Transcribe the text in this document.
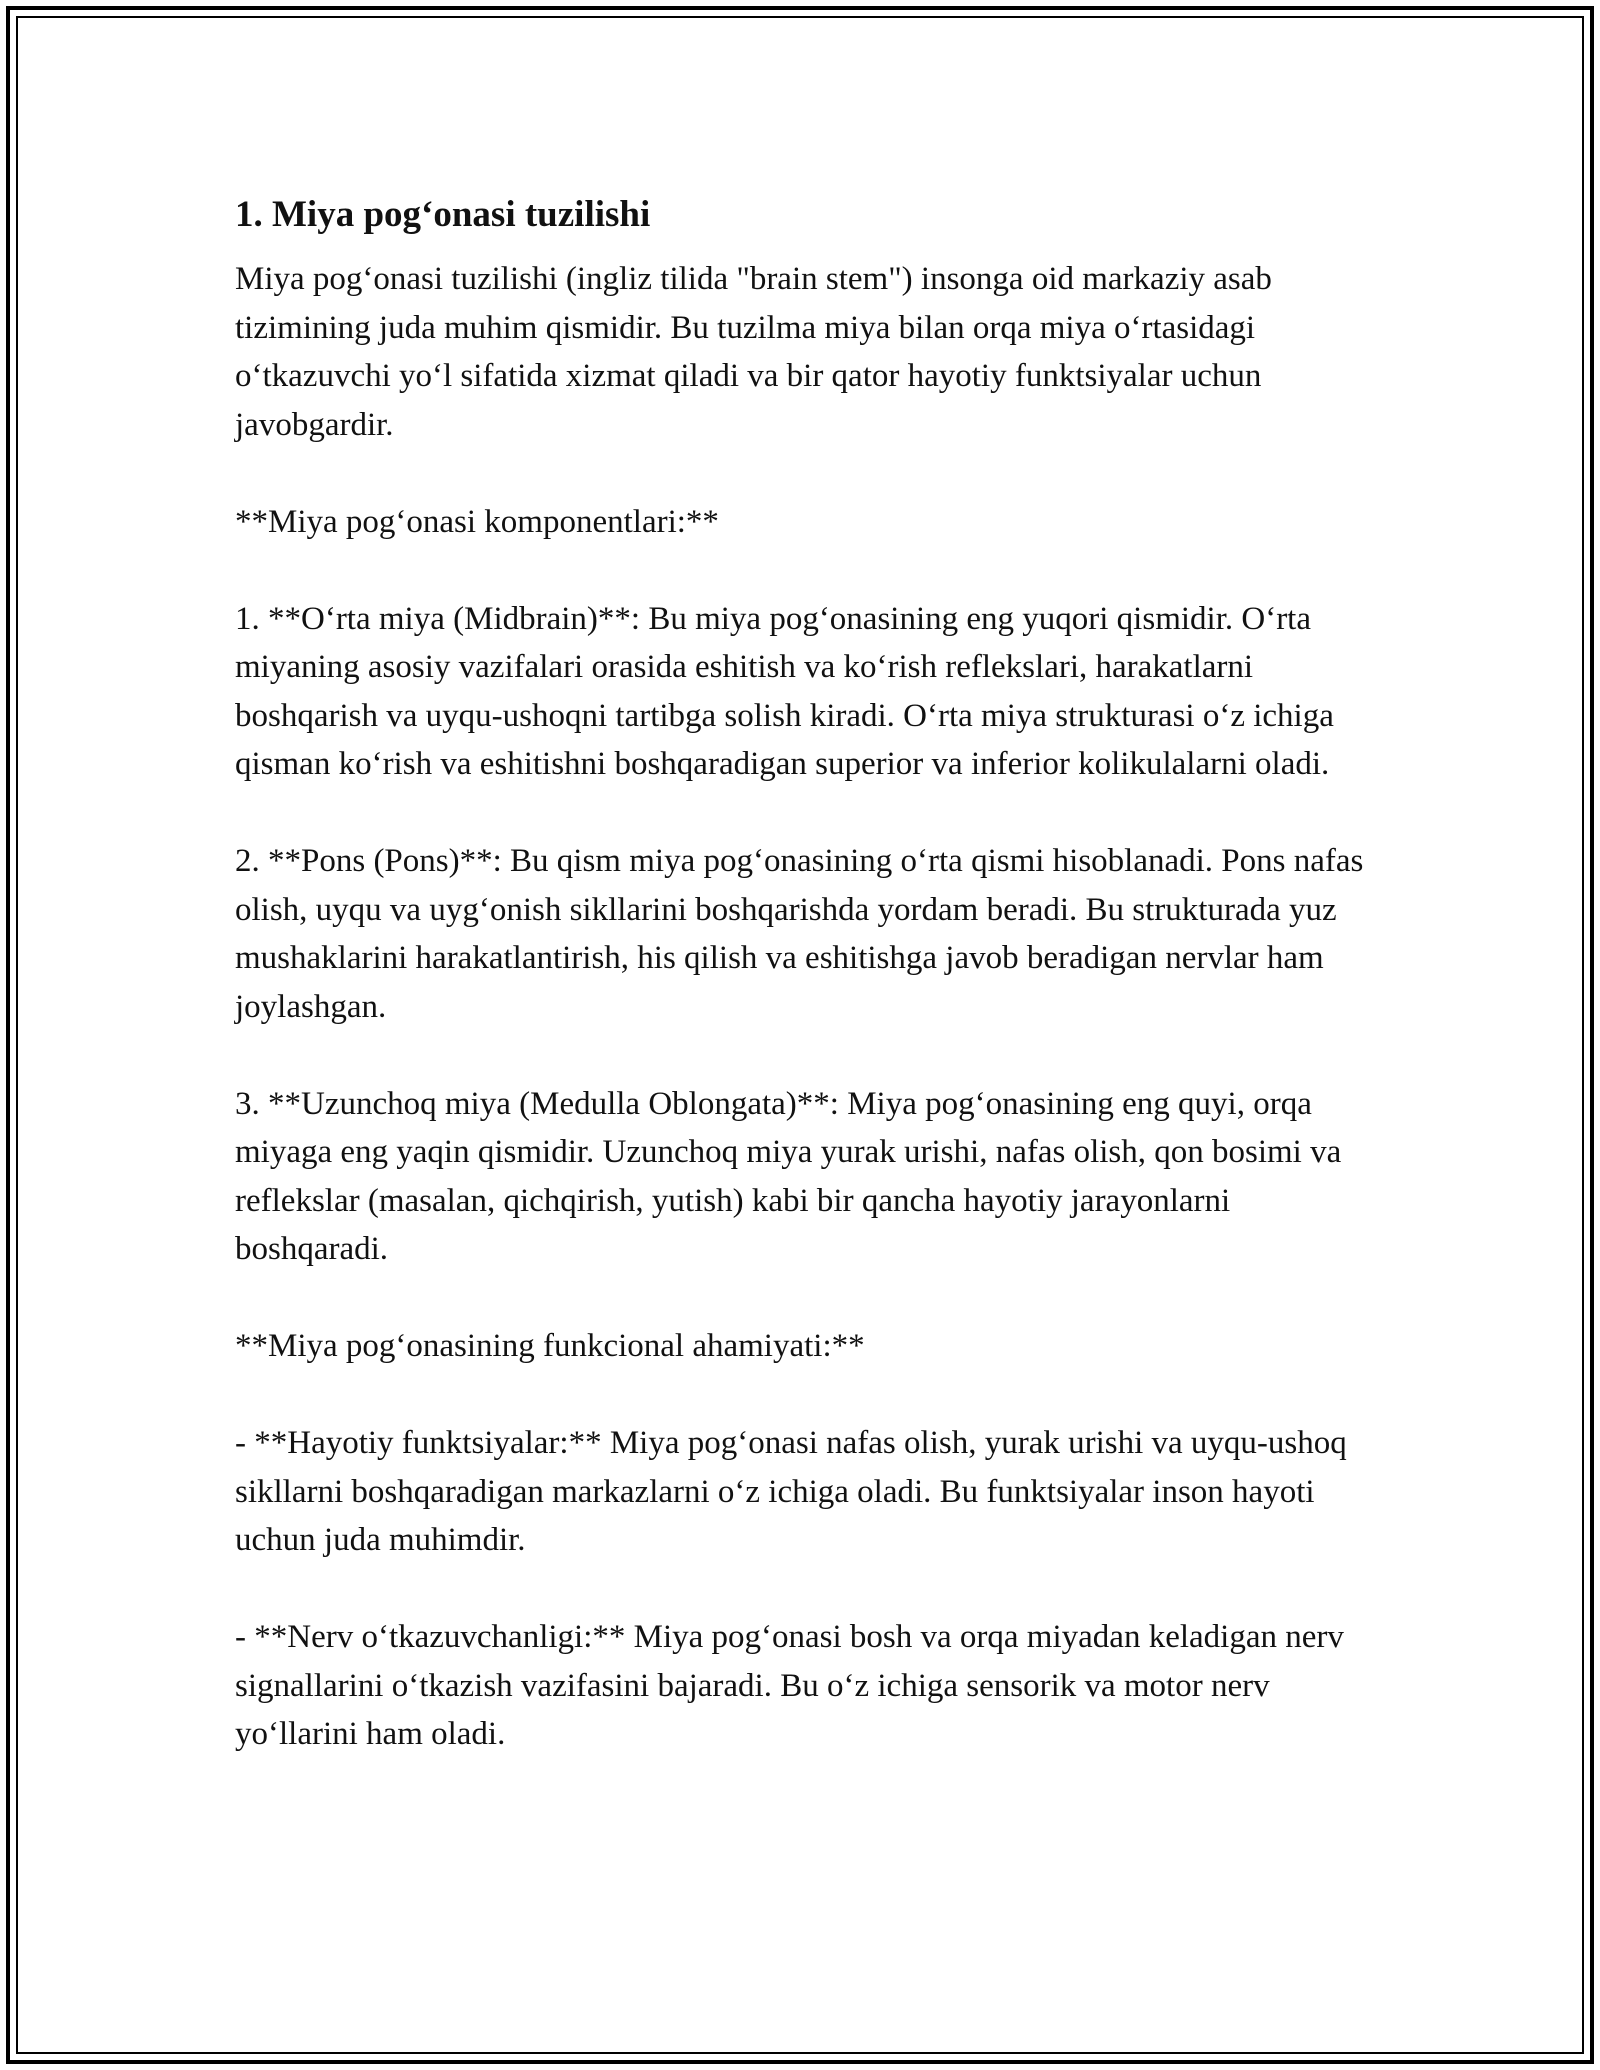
1. Miya pog‘onasi tuzilishi

Miya pog‘onasi tuzilishi (ingliz tilida "brain stem") insonga oid markaziy asab tizimining juda muhim qismidir. Bu tuzilma miya bilan orqa miya o‘rtasidagi o‘tkazuvchi yo‘l sifatida xizmat qiladi va bir qator hayotiy funktsiyalar uchun javobgardir.

**Miya pog‘onasi komponentlari:**

1. **O‘rta miya (Midbrain)**: Bu miya pog‘onasining eng yuqori qismidir. O‘rta miyaning asosiy vazifalari orasida eshitish va ko‘rish reflekslari, harakatlarni boshqarish va uyqu-ushoqni tartibga solish kiradi. O‘rta miya strukturasi o‘z ichiga qisman ko‘rish va eshitishni boshqaradigan superior va inferior kolikulalarni oladi.

2. **Pons (Pons)**: Bu qism miya pog‘onasining o‘rta qismi hisoblanadi. Pons nafas olish, uyqu va uyg‘onish sikllarini boshqarishda yordam beradi. Bu strukturada yuz mushaklarini harakatlantirish, his qilish va eshitishga javob beradigan nervlar ham joylashgan.

3. **Uzunchoq miya (Medulla Oblongata)**: Miya pog‘onasining eng quyi, orqa miyaga eng yaqin qismidir. Uzunchoq miya yurak urishi, nafas olish, qon bosimi va reflekslar (masalan, qichqirish, yutish) kabi bir qancha hayotiy jarayonlarni boshqaradi.

**Miya pog‘onasining funkcional ahamiyati:**

- **Hayotiy funktsiyalar:** Miya pog‘onasi nafas olish, yurak urishi va uyqu-ushoq sikllarni boshqaradigan markazlarni o‘z ichiga oladi. Bu funktsiyalar inson hayoti uchun juda muhimdir.

- **Nerv o‘tkazuvchanligi:** Miya pog‘onasi bosh va orqa miyadan keladigan nerv signallarini o‘tkazish vazifasini bajaradi. Bu o‘z ichiga sensorik va motor nerv yo‘llarini ham oladi.
